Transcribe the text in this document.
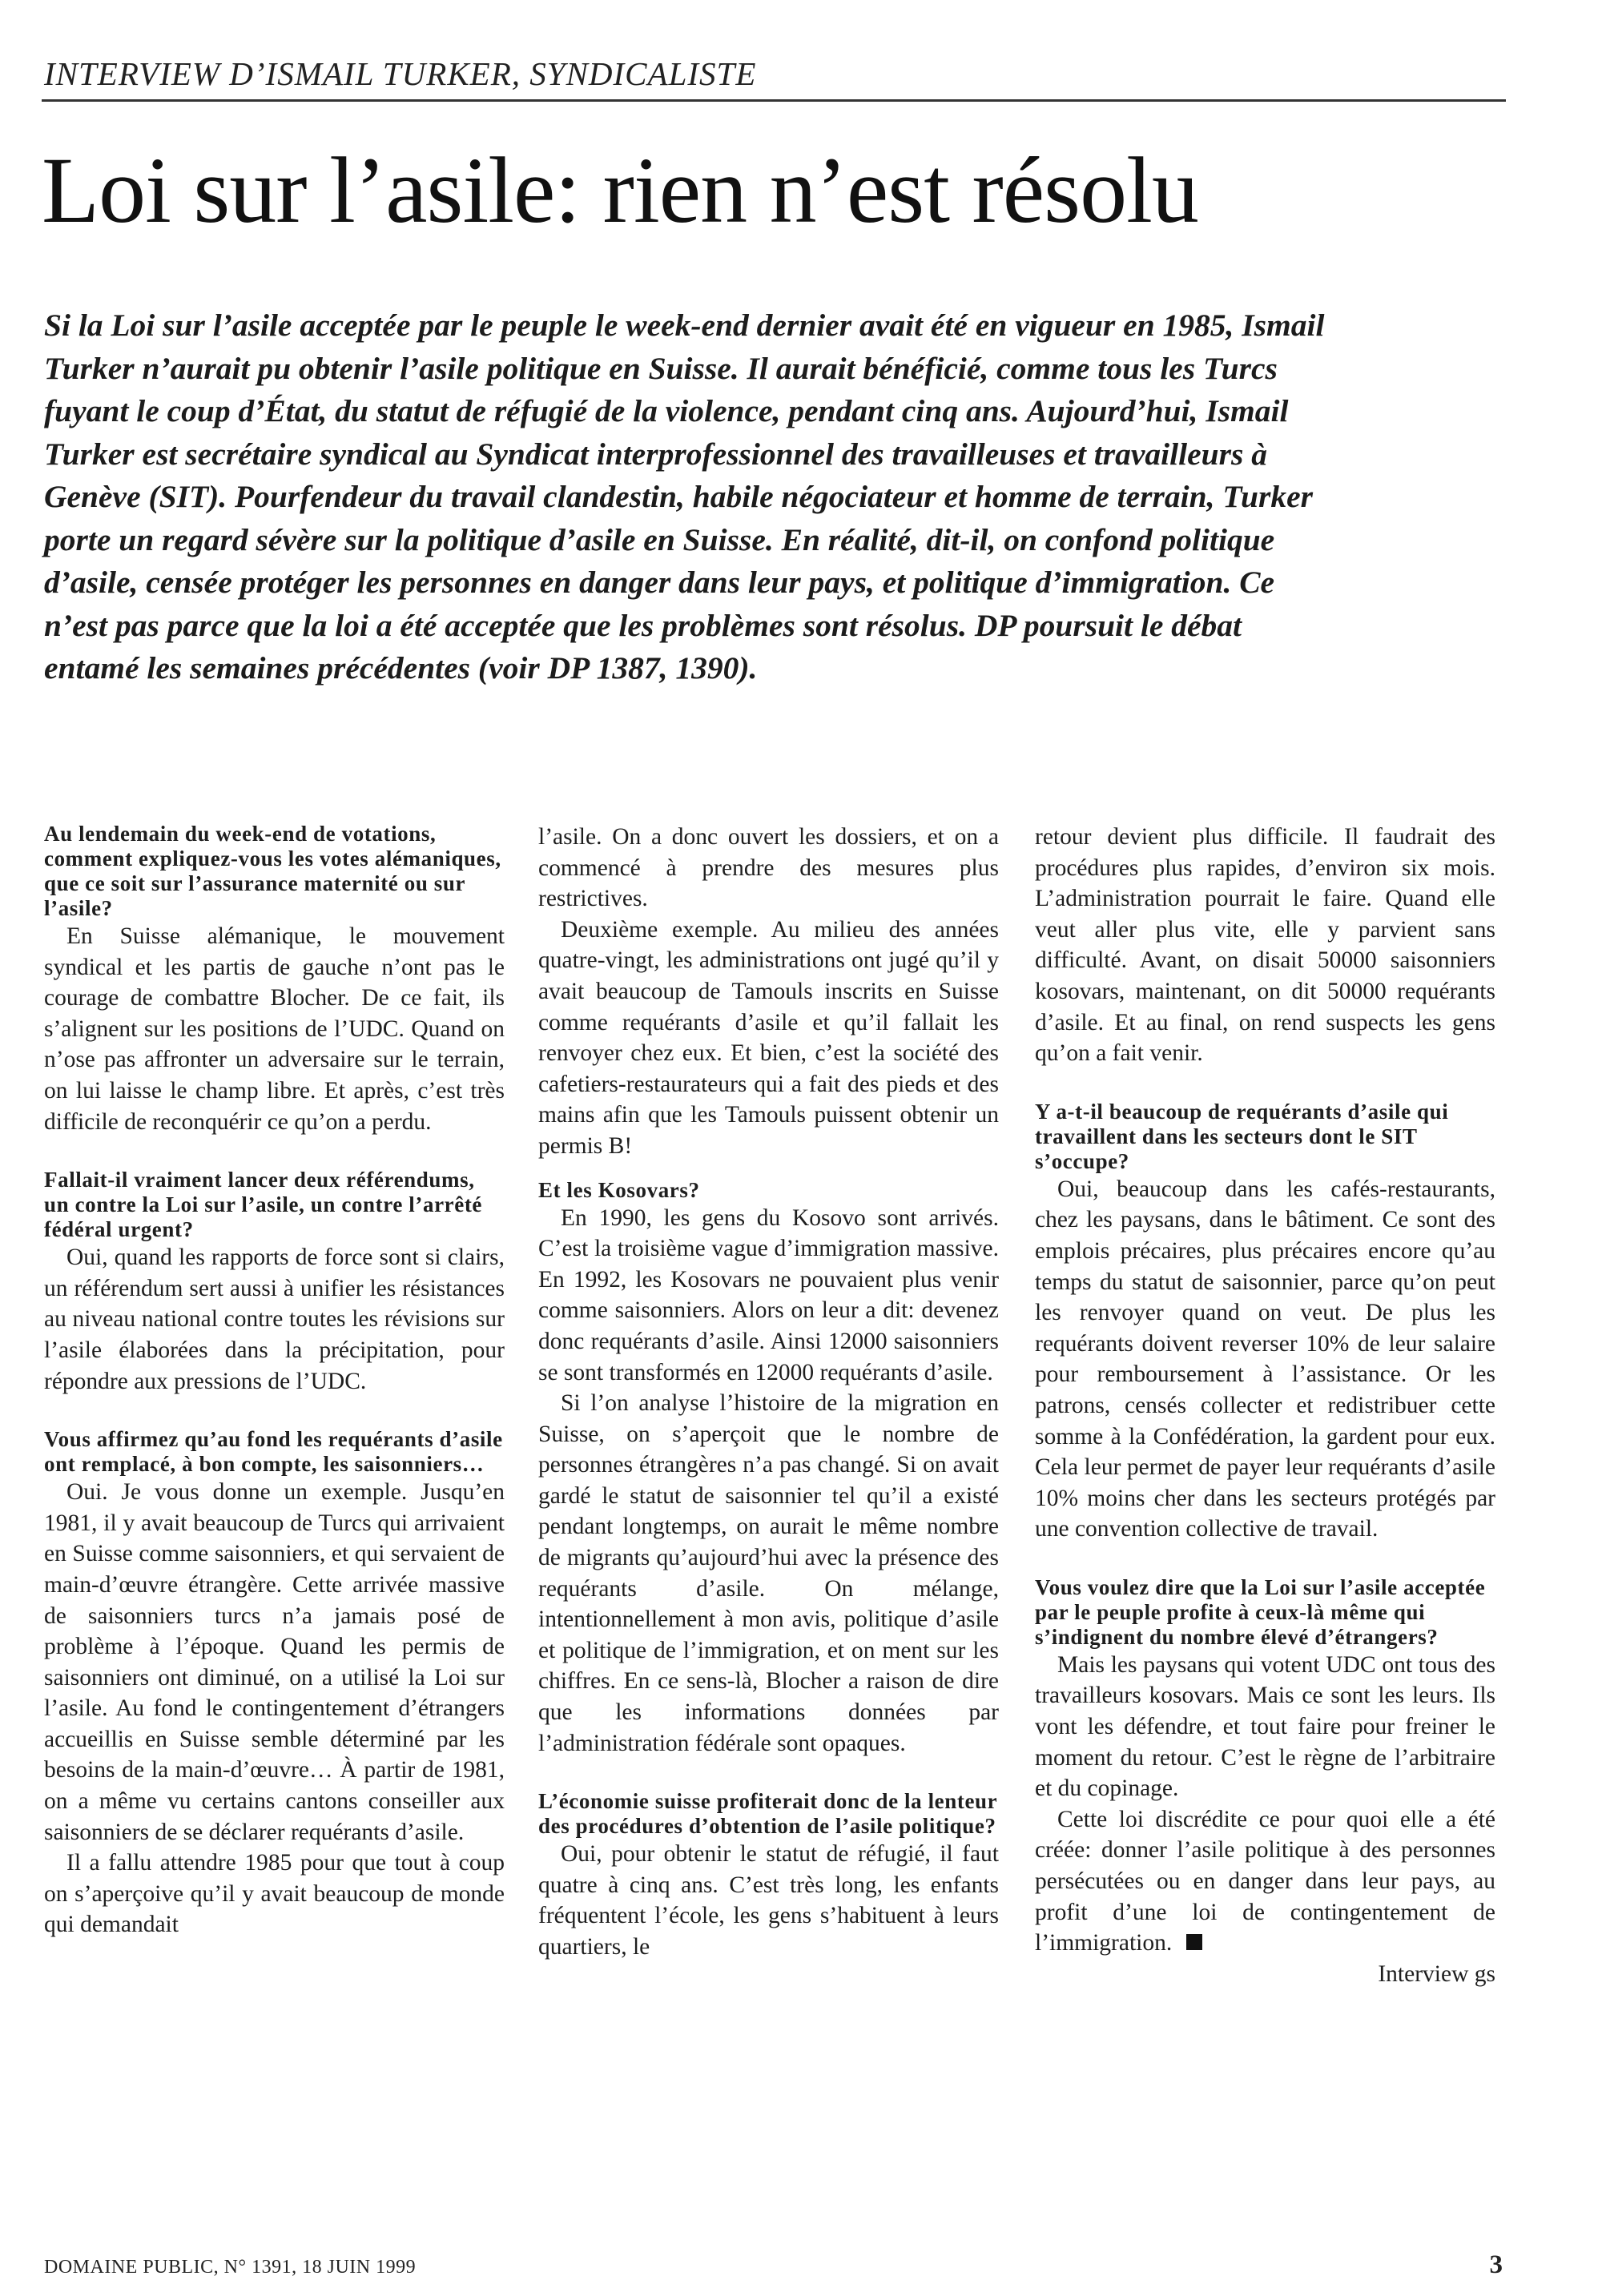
INTERVIEW D’ISMAIL TURKER, SYNDICALISTE
Loi sur l’asile: rien n’est résolu

Si la Loi sur l’asile acceptée par le peuple le week-end dernier avait été en vigueur en 1985, Ismail Turker n’aurait pu obtenir l’asile politique en Suisse. Il aurait bénéficié, comme tous les Turcs fuyant le coup d’État, du statut de réfugié de la violence, pendant cinq ans. Aujourd’hui, Ismail Turker est secrétaire syndical au Syndicat interprofessionnel des travailleuses et travailleurs à Genève (SIT). Pourfendeur du travail clandestin, habile négociateur et homme de terrain, Turker porte un regard sévère sur la politique d’asile en Suisse. En réalité, dit-il, on confond politique d’asile, censée protéger les personnes en danger dans leur pays, et politique d’immigration. Ce n’est pas parce que la loi a été acceptée que les problèmes sont résolus. DP poursuit le débat entamé les semaines précédentes (voir DP 1387, 1390).

Au lendemain du week-end de votations, comment expliquez-vous les votes alémaniques, que ce soit sur l’assurance maternité ou sur l’asile?

En Suisse alémanique, le mouvement syndical et les partis de gauche n’ont pas le courage de combattre Blocher. De ce fait, ils s’alignent sur les positions de l’UDC. Quand on n’ose pas affronter un adversaire sur le terrain, on lui laisse le champ libre. Et après, c’est très difficile de reconquérir ce qu’on a perdu.

Fallait-il vraiment lancer deux référendums, un contre la Loi sur l’asile, un contre l’arrêté fédéral urgent?

Oui, quand les rapports de force sont si clairs, un référendum sert aussi à unifier les résistances au niveau national contre toutes les révisions sur l’asile élaborées dans la précipitation, pour répondre aux pressions de l’UDC.

Vous affirmez qu’au fond les requérants d’asile ont remplacé, à bon compte, les saisonniers…

Oui. Je vous donne un exemple. Jusqu’en 1981, il y avait beaucoup de Turcs qui arrivaient en Suisse comme saisonniers, et qui servaient de main-d’œuvre étrangère. Cette arrivée massive de saisonniers turcs n’a jamais posé de problème à l’époque. Quand les permis de saisonniers ont diminué, on a utilisé la Loi sur l’asile. Au fond le contingentement d’étrangers accueillis en Suisse semble déterminé par les besoins de la main-d’œuvre… À partir de 1981, on a même vu certains cantons conseiller aux saisonniers de se déclarer requérants d’asile.

Il a fallu attendre 1985 pour que tout à coup on s’aperçoive qu’il y avait beaucoup de monde qui demandait

l’asile. On a donc ouvert les dossiers, et on a commencé à prendre des mesures plus restrictives.

Deuxième exemple. Au milieu des années quatre-vingt, les administrations ont jugé qu’il y avait beaucoup de Tamouls inscrits en Suisse comme requérants d’asile et qu’il fallait les renvoyer chez eux. Et bien, c’est la société des cafetiers-restaurateurs qui a fait des pieds et des mains afin que les Tamouls puissent obtenir un permis B!

Et les Kosovars?

En 1990, les gens du Kosovo sont arrivés. C’est la troisième vague d’immigration massive. En 1992, les Kosovars ne pouvaient plus venir comme saisonniers. Alors on leur a dit: devenez donc requérants d’asile. Ainsi 12000 saisonniers se sont transformés en 12000 requérants d’asile.

Si l’on analyse l’histoire de la migration en Suisse, on s’aperçoit que le nombre de personnes étrangères n’a pas changé. Si on avait gardé le statut de saisonnier tel qu’il a existé pendant longtemps, on aurait le même nombre de migrants qu’aujourd’hui avec la présence des requérants d’asile. On mélange, intentionnellement à mon avis, politique d’asile et politique de l’immigration, et on ment sur les chiffres. En ce sens-là, Blocher a raison de dire que les informations données par l’administration fédérale sont opaques.

L’économie suisse profiterait donc de la lenteur des procédures d’obtention de l’asile politique?

Oui, pour obtenir le statut de réfugié, il faut quatre à cinq ans. C’est très long, les enfants fréquentent l’école, les gens s’habituent à leurs quartiers, le

retour devient plus difficile. Il faudrait des procédures plus rapides, d’environ six mois. L’administration pourrait le faire. Quand elle veut aller plus vite, elle y parvient sans difficulté. Avant, on disait 50000 saisonniers kosovars, maintenant, on dit 50000 requérants d’asile. Et au final, on rend suspects les gens qu’on a fait venir.

Y a-t-il beaucoup de requérants d’asile qui travaillent dans les secteurs dont le SIT s’occupe?

Oui, beaucoup dans les cafés-restaurants, chez les paysans, dans le bâtiment. Ce sont des emplois précaires, plus précaires encore qu’au temps du statut de saisonnier, parce qu’on peut les renvoyer quand on veut. De plus les requérants doivent reverser 10% de leur salaire pour remboursement à l’assistance. Or les patrons, censés collecter et redistribuer cette somme à la Confédération, la gardent pour eux. Cela leur permet de payer leur requérants d’asile 10% moins cher dans les secteurs protégés par une convention collective de travail.

Vous voulez dire que la Loi sur l’asile acceptée par le peuple profite à ceux-là même qui s’indignent du nombre élevé d’étrangers?

Mais les paysans qui votent UDC ont tous des travailleurs kosovars. Mais ce sont les leurs. Ils vont les défendre, et tout faire pour freiner le moment du retour. C’est le règne de l’arbitraire et du copinage.

Cette loi discrédite ce pour quoi elle a été créée: donner l’asile politique à des personnes persécutées ou en danger dans leur pays, au profit d’une loi de contingentement de l’immigration.

Interview gs

DOMAINE PUBLIC, N° 1391, 18 JUIN 1999	3
